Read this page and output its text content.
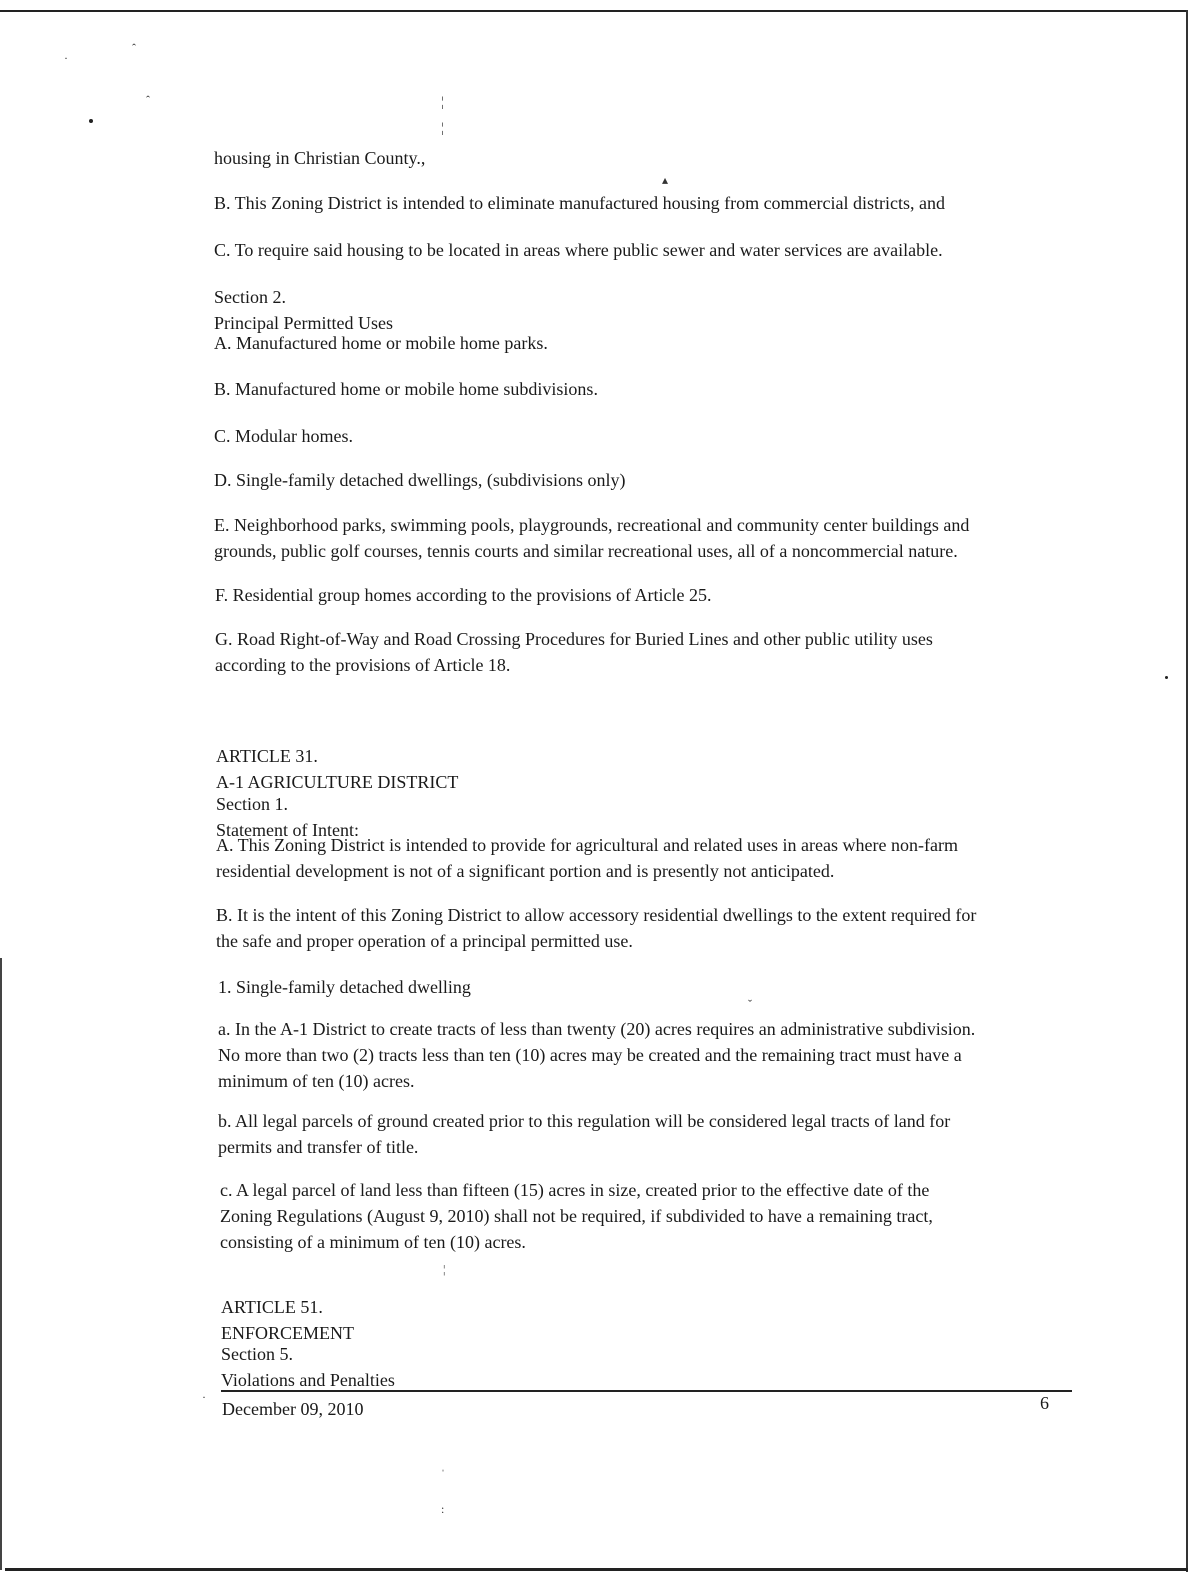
·
ˆ
ˆ	¦
¦
▴
ˇ
¦
·
ˈ
:

housing in Christian County.,

B. This Zoning District is intended to eliminate manufactured housing from commercial districts, and

C. To require said housing to be located in areas where public sewer and water services are available.

Section 2.
Principal Permitted Uses

A. Manufactured home or mobile home parks.

B. Manufactured home or mobile home subdivisions.

C. Modular homes.

D. Single-family detached dwellings, (subdivisions only)

E. Neighborhood parks, swimming pools, playgrounds, recreational and community center buildings and
grounds, public golf courses, tennis courts and similar recreational uses, all of a noncommercial nature.

F. Residential group homes according to the provisions of Article 25.

G. Road Right-of-Way and Road Crossing Procedures for Buried Lines and other public utility uses
according to the provisions of Article 18.
ARTICLE 31.
A-1 AGRICULTURE DISTRICT
Section 1.
Statement of Intent:
A. This Zoning District is intended to provide for agricultural and related uses in areas where non-farm
residential development is not of a significant portion and is presently not anticipated.
B. It is the intent of this Zoning District to allow accessory residential dwellings to the extent required for
the safe and proper operation of a principal permitted use.

1. Single-family detached dwelling

a. In the A-1 District to create tracts of less than twenty (20) acres requires an administrative subdivision.
No more than two (2) tracts less than ten (10) acres may be created and the remaining tract must have a
minimum of ten (10) acres.
b. All legal parcels of ground created prior to this regulation will be considered legal tracts of land for
permits and transfer of title.
c. A legal parcel of land less than fifteen (15) acres in size, created prior to the effective date of the
Zoning Regulations (August 9, 2010) shall not be required, if subdivided to have a remaining tract,
consisting of a minimum of ten (10) acres.
ARTICLE 51.
ENFORCEMENT
Section 5.
Violations and Penalties
December 09, 2010	6
